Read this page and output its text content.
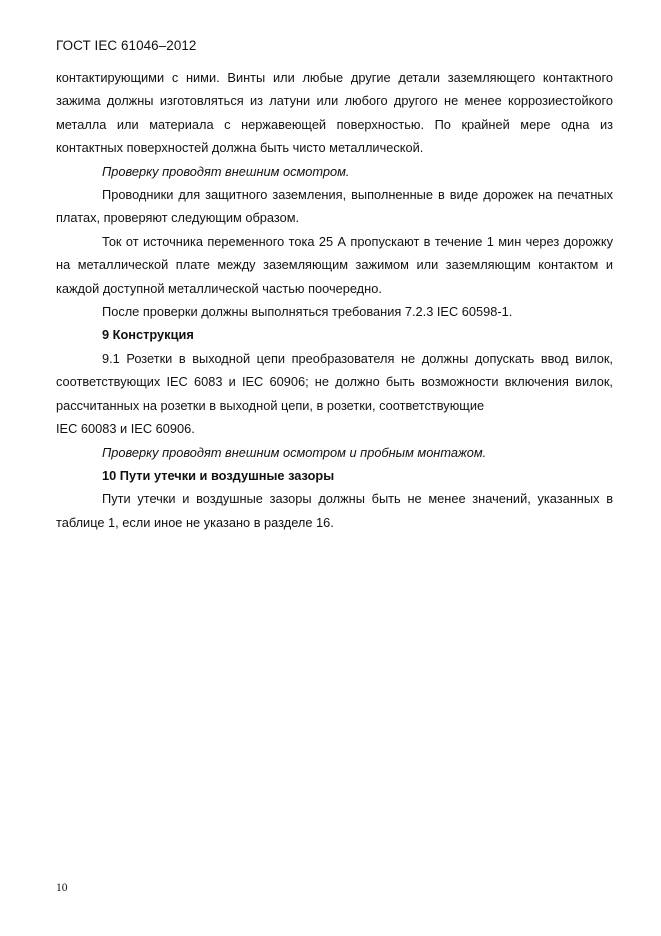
ГОСТ IEC 61046–2012

контактирующими с ними. Винты или любые другие детали заземляющего контактного зажима должны изготовляться из латуни или любого другого не менее коррозиестойкого металла или материала с нержавеющей поверхностью. По крайней мере одна из контактных поверхностей должна быть чисто металлической.

Проверку проводят внешним осмотром.

Проводники для защитного заземления, выполненные в виде дорожек на печатных платах, проверяют следующим образом.

Ток от источника переменного тока 25 А пропускают в течение 1 мин через дорожку на металлической плате между заземляющим зажимом или заземляющим контактом и каждой доступной металлической частью поочередно.

После проверки должны выполняться требования 7.2.3 IEC 60598-1.

9 Конструкция

9.1 Розетки в выходной цепи преобразователя не должны допускать ввод вилок, соответствующих IEC 6083 и IEC 60906; не должно быть возможности включения вилок, рассчитанных на розетки в выходной цепи, в розетки, соответствующие

IEC 60083 и IEC 60906.

Проверку проводят внешним осмотром и пробным монтажом.

10 Пути утечки и воздушные зазоры

Пути утечки и воздушные зазоры должны быть не менее значений, указанных в таблице 1, если иное не указано в разделе 16.

10
